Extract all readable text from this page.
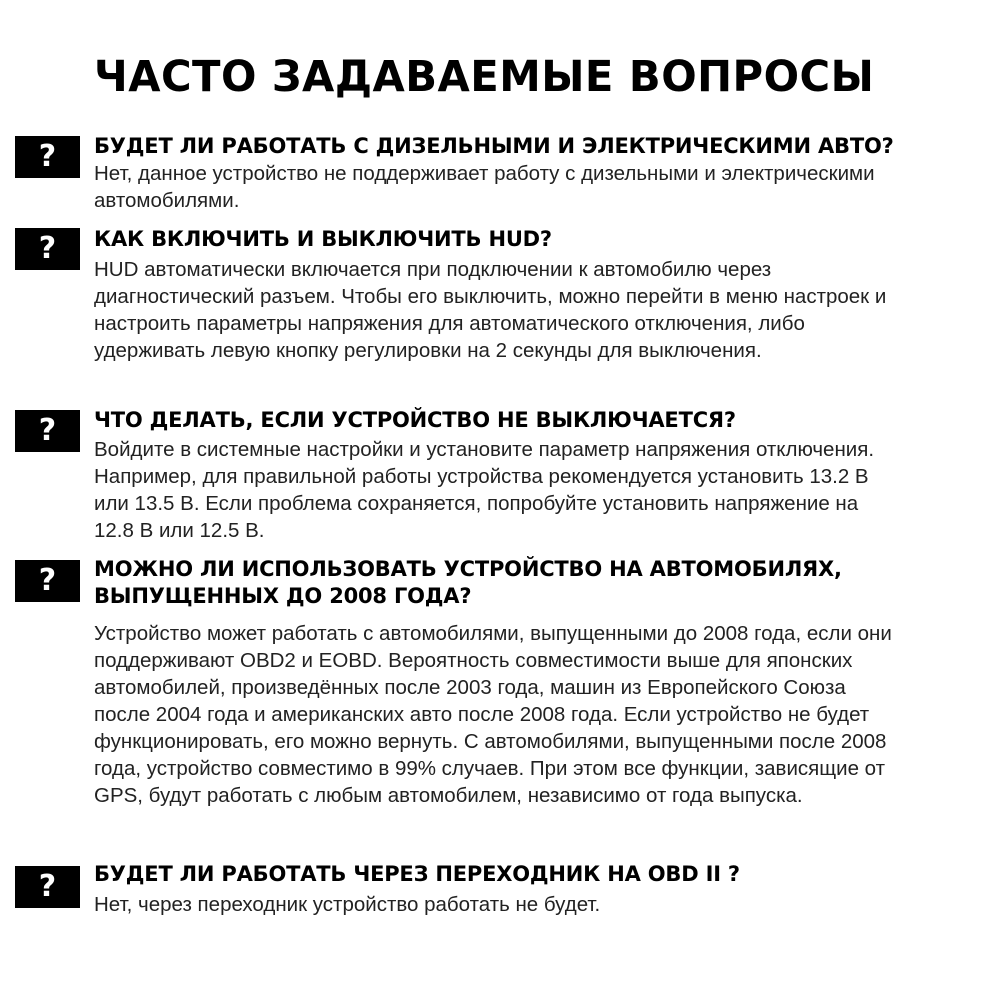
ЧАСТО ЗАДАВАЕМЫЕ ВОПРОСЫ
?	БУДЕТ ЛИ РАБОТАТЬ С ДИЗЕЛЬНЫМИ И ЭЛЕКТРИЧЕСКИМИ АВТО?

Нет, данное устройство не поддерживает работу с дизельными и электрическими автомобилями.

?	КАК ВКЛЮЧИТЬ И ВЫКЛЮЧИТЬ HUD?

HUD автоматически включается при подключении к автомобилю через диагностический разъем. Чтобы его выключить, можно перейти в меню настроек и настроить параметры напряжения для автоматического отключения, либо удерживать левую кнопку регулировки на 2 секунды для выключения.

?	ЧТО ДЕЛАТЬ, ЕСЛИ УСТРОЙСТВО НЕ ВЫКЛЮЧАЕТСЯ?

Войдите в системные настройки и установите параметр напряжения отключения. Например, для правильной работы устройства рекомендуется установить 13.2 В или 13.5 В. Если проблема сохраняется, попробуйте установить напряжение на 12.8 В или 12.5 В.

?	МОЖНО ЛИ ИСПОЛЬЗОВАТЬ УСТРОЙСТВО НА АВТОМОБИЛЯХ, ВЫПУЩЕННЫХ ДО 2008 ГОДА?

Устройство может работать с автомобилями, выпущенными до 2008 года, если они поддерживают OBD2 и EOBD. Вероятность совместимости выше для японских автомобилей, произведённых после 2003 года, машин из Европейского Союза после 2004 года и американских авто после 2008 года. Если устройство не будет функционировать, его можно вернуть. С автомобилями, выпущенными после 2008 года, устройство совместимо в 99% случаев. При этом все функции, зависящие от GPS, будут работать с любым автомобилем, независимо от года выпуска.

?	БУДЕТ ЛИ РАБОТАТЬ ЧЕРЕЗ ПЕРЕХОДНИК НА OBD II ?

Нет, через переходник устройство работать не будет.
